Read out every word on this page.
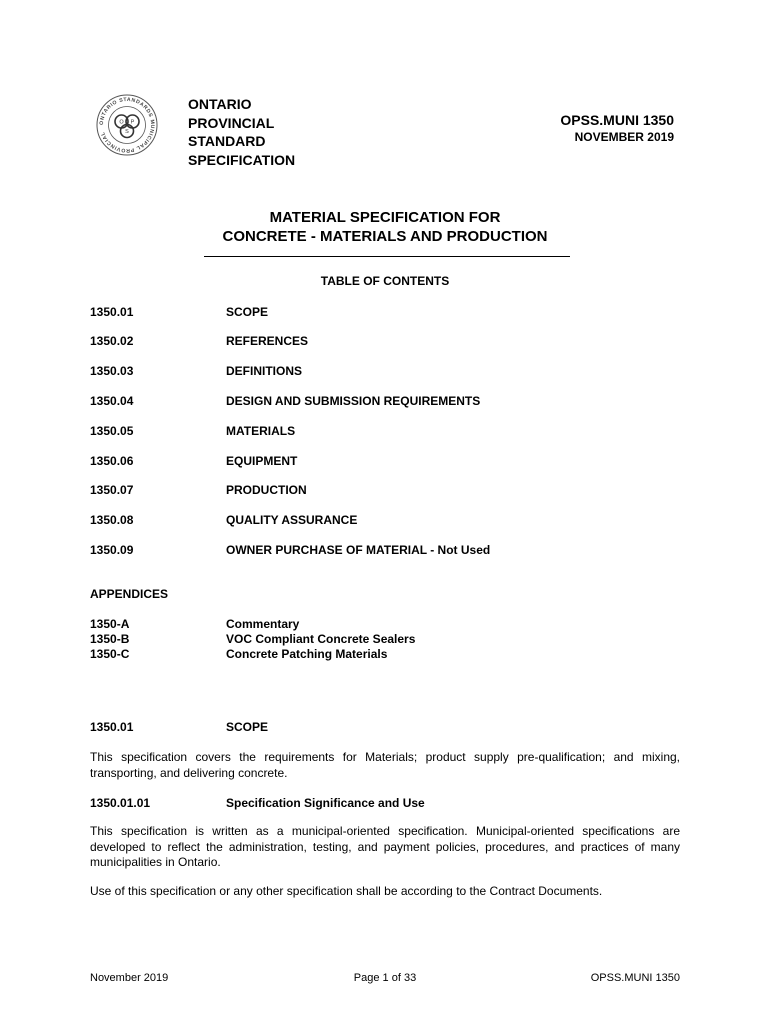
ONTARIO STANDARDS MUNICIPAL PROVINCIAL
O P
S
ONTARIO
PROVINCIAL
STANDARD
SPECIFICATION
OPSS.MUNI 1350
NOVEMBER 2019
MATERIAL SPECIFICATION FOR
CONCRETE - MATERIALS AND PRODUCTION
TABLE OF CONTENTS
1350.01	SCOPE
1350.02	REFERENCES
1350.03	DEFINITIONS
1350.04	DESIGN AND SUBMISSION REQUIREMENTS
1350.05	MATERIALS
1350.06	EQUIPMENT
1350.07	PRODUCTION
1350.08	QUALITY ASSURANCE
1350.09	OWNER PURCHASE OF MATERIAL - Not Used
APPENDICES
1350-A	Commentary
1350-B	VOC Compliant Concrete Sealers
1350-C	Concrete Patching Materials
1350.01	SCOPE
This specification covers the requirements for Materials; product supply pre-qualification; and mixing, transporting, and delivering concrete.
1350.01.01	Specification Significance and Use
This specification is written as a municipal-oriented specification. Municipal-oriented specifications are developed to reflect the administration, testing, and payment policies, procedures, and practices of many municipalities in Ontario.
Use of this specification or any other specification shall be according to the Contract Documents.
November 2019	Page 1 of 33	OPSS.MUNI 1350
